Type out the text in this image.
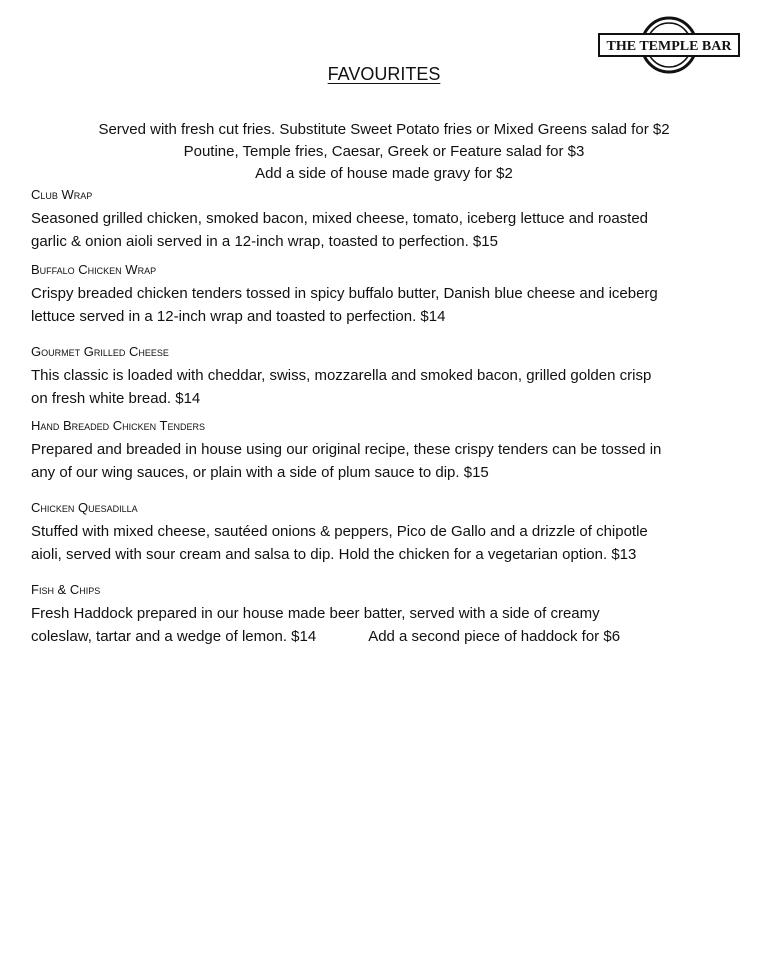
THE TEMPLE BAR
FAVOURITES
Served with fresh cut fries. Substitute Sweet Potato fries or Mixed Greens salad for $2
Poutine, Temple fries, Caesar, Greek or Feature salad for $3
Add a side of house made gravy for $2
Club Wrap
Seasoned grilled chicken, smoked bacon, mixed cheese, tomato, iceberg lettuce and roasted
garlic & onion aioli served in a 12-inch wrap, toasted to perfection. $15
Buffalo Chicken Wrap
Crispy breaded chicken tenders tossed in spicy buffalo butter, Danish blue cheese and iceberg
lettuce served in a 12-inch wrap and toasted to perfection. $14
Gourmet Grilled Cheese
This classic is loaded with cheddar, swiss, mozzarella and smoked bacon, grilled golden crisp
on fresh white bread. $14
Hand Breaded Chicken Tenders
Prepared and breaded in house using our original recipe, these crispy tenders can be tossed in
any of our wing sauces, or plain with a side of plum sauce to dip. $15
Chicken Quesadilla
Stuffed with mixed cheese, sautéed onions & peppers, Pico de Gallo and a drizzle of chipotle
aioli, served with sour cream and salsa to dip. Hold the chicken for a vegetarian option. $13
Fish & Chips
Fresh Haddock prepared in our house made beer batter, served with a side of creamy
coleslaw, tartar and a wedge of lemon. $14	Add a second piece of haddock for $6
